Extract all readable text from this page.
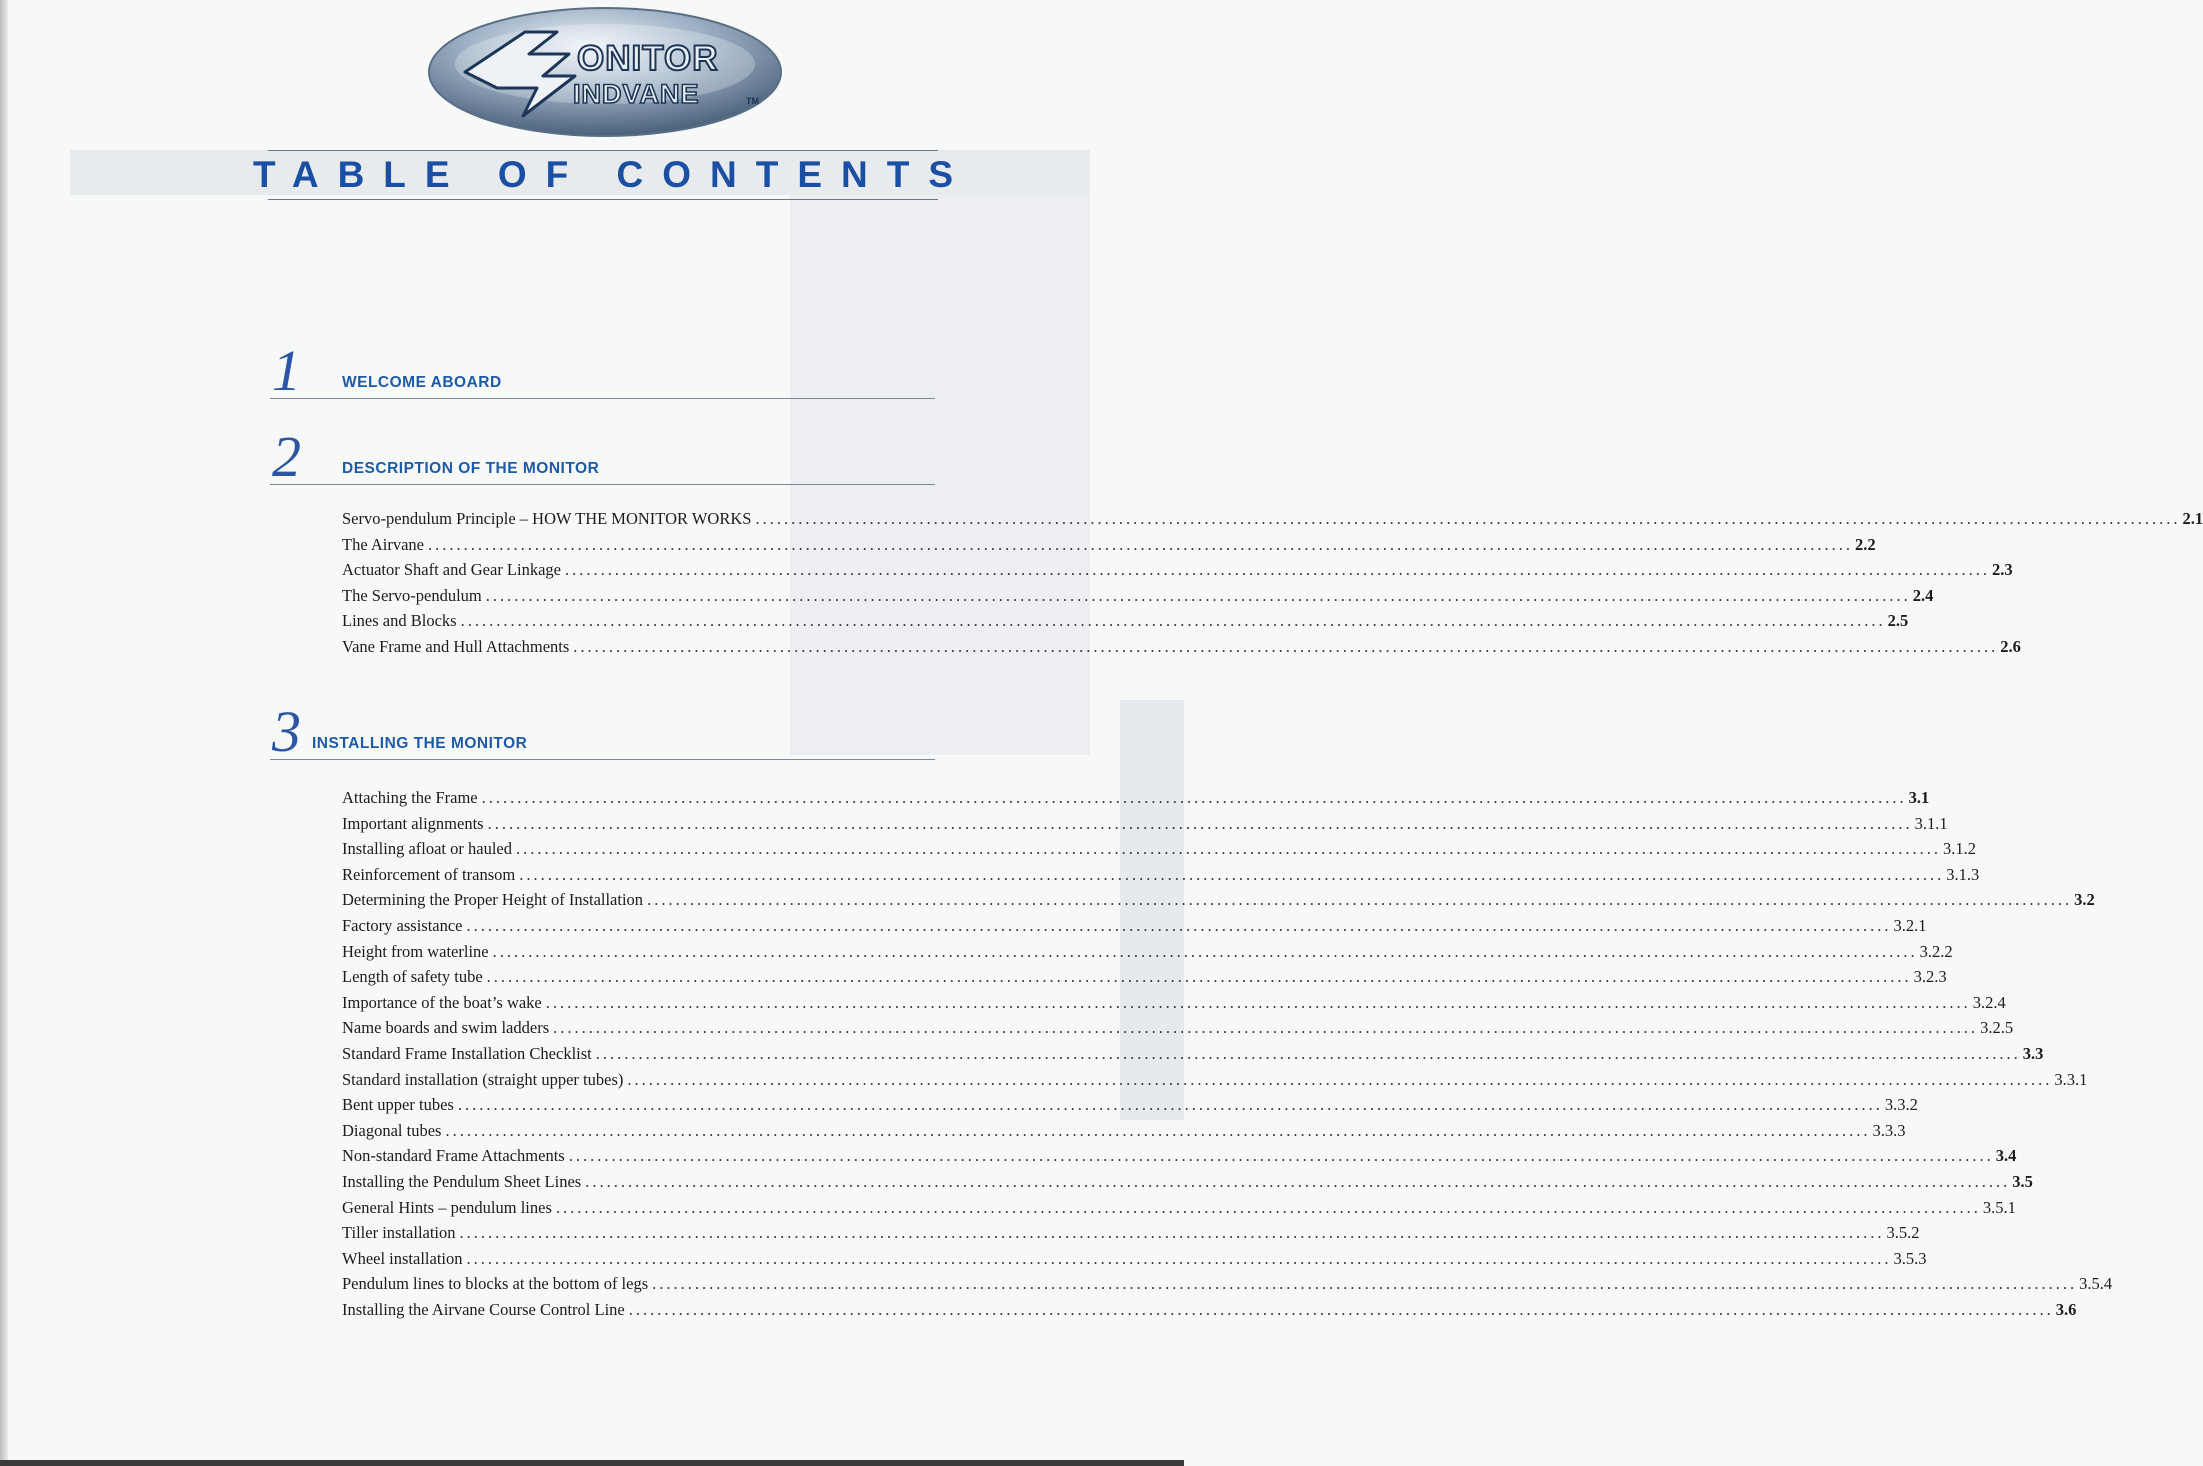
ONITOR
INDVANE	TM
TABLE OF CONTENTS
1	WELCOME ABOARD
2	DESCRIPTION OF THE MONITOR
Servo-pendulum Principle – HOW THE MONITOR WORKS ........................................................................................................................................................................................................ 2.1
The Airvane ........................................................................................................................................................................................................ 2.2
Actuator Shaft and Gear Linkage ........................................................................................................................................................................................................ 2.3
The Servo-pendulum ........................................................................................................................................................................................................ 2.4
Lines and Blocks ........................................................................................................................................................................................................ 2.5
Vane Frame and Hull Attachments ........................................................................................................................................................................................................ 2.6
3 INSTALLING THE MONITOR
Attaching the Frame ........................................................................................................................................................................................................ 3.1
Important alignments ........................................................................................................................................................................................................ 3.1.1
Installing afloat or hauled ........................................................................................................................................................................................................ 3.1.2
Reinforcement of transom ........................................................................................................................................................................................................ 3.1.3
Determining the Proper Height of Installation ........................................................................................................................................................................................................ 3.2
Factory assistance ........................................................................................................................................................................................................ 3.2.1
Height from waterline ........................................................................................................................................................................................................ 3.2.2
Length of safety tube ........................................................................................................................................................................................................ 3.2.3
Importance of the boat’s wake ........................................................................................................................................................................................................ 3.2.4
Name boards and swim ladders ........................................................................................................................................................................................................ 3.2.5
Standard Frame Installation Checklist ........................................................................................................................................................................................................ 3.3
Standard installation (straight upper tubes) ........................................................................................................................................................................................................ 3.3.1
Bent upper tubes ........................................................................................................................................................................................................ 3.3.2
Diagonal tubes ........................................................................................................................................................................................................ 3.3.3
Non-standard Frame Attachments ........................................................................................................................................................................................................ 3.4
Installing the Pendulum Sheet Lines ........................................................................................................................................................................................................ 3.5
General Hints – pendulum lines ........................................................................................................................................................................................................ 3.5.1
Tiller installation ........................................................................................................................................................................................................ 3.5.2
Wheel installation ........................................................................................................................................................................................................ 3.5.3
Pendulum lines to blocks at the bottom of legs ........................................................................................................................................................................................................ 3.5.4
Installing the Airvane Course Control Line ........................................................................................................................................................................................................ 3.6
